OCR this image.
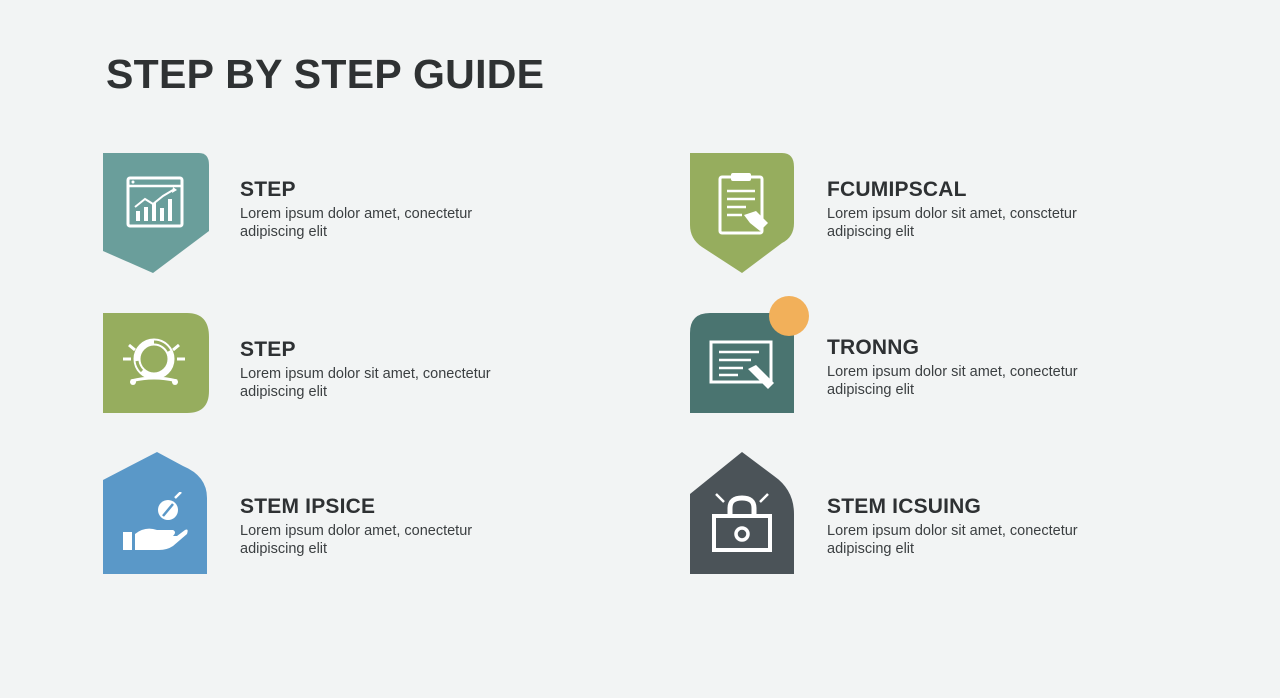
STEP BY STEP GUIDE
STEP
Lorem ipsum dolor amet, conectetur adipiscing elit
FCUMIPSCAL
Lorem ipsum dolor sit amet, consctetur adipiscing elit
STEP
Lorem ipsum dolor sit amet, conectetur adipiscing elit
TRONNG
Lorem ipsum dolor sit amet, conectetur adipiscing elit
STEM IPSICE
Lorem ipsum dolor amet, conectetur adipiscing elit
STEM ICSUING
Lorem ipsum dolor sit amet, conectetur adipiscing elit
